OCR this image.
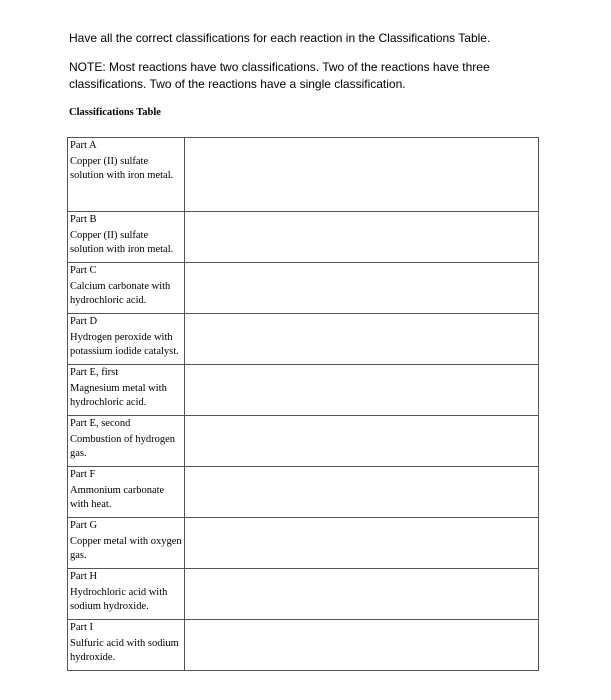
Have all the correct classifications for each reaction in the Classifications Table.

NOTE: Most reactions have two classifications. Two of the reactions have three classifications. Two of the reactions have a single classification.

Classifications Table
Part A
Copper (II) sulfate solution with iron metal.	

Part B
Copper (II) sulfate solution with iron metal.	

Part C
Calcium carbonate with hydrochloric acid.	

Part D
Hydrogen peroxide with potassium iodide catalyst.	

Part E, first
Magnesium metal with hydrochloric acid.	

Part E, second
Combustion of hydrogen gas.	

Part F
Ammonium carbonate with heat.	

Part G
Copper metal with oxygen gas.	

Part H
Hydrochloric acid with sodium hydroxide.	

Part I
Sulfuric acid with sodium hydroxide.	
